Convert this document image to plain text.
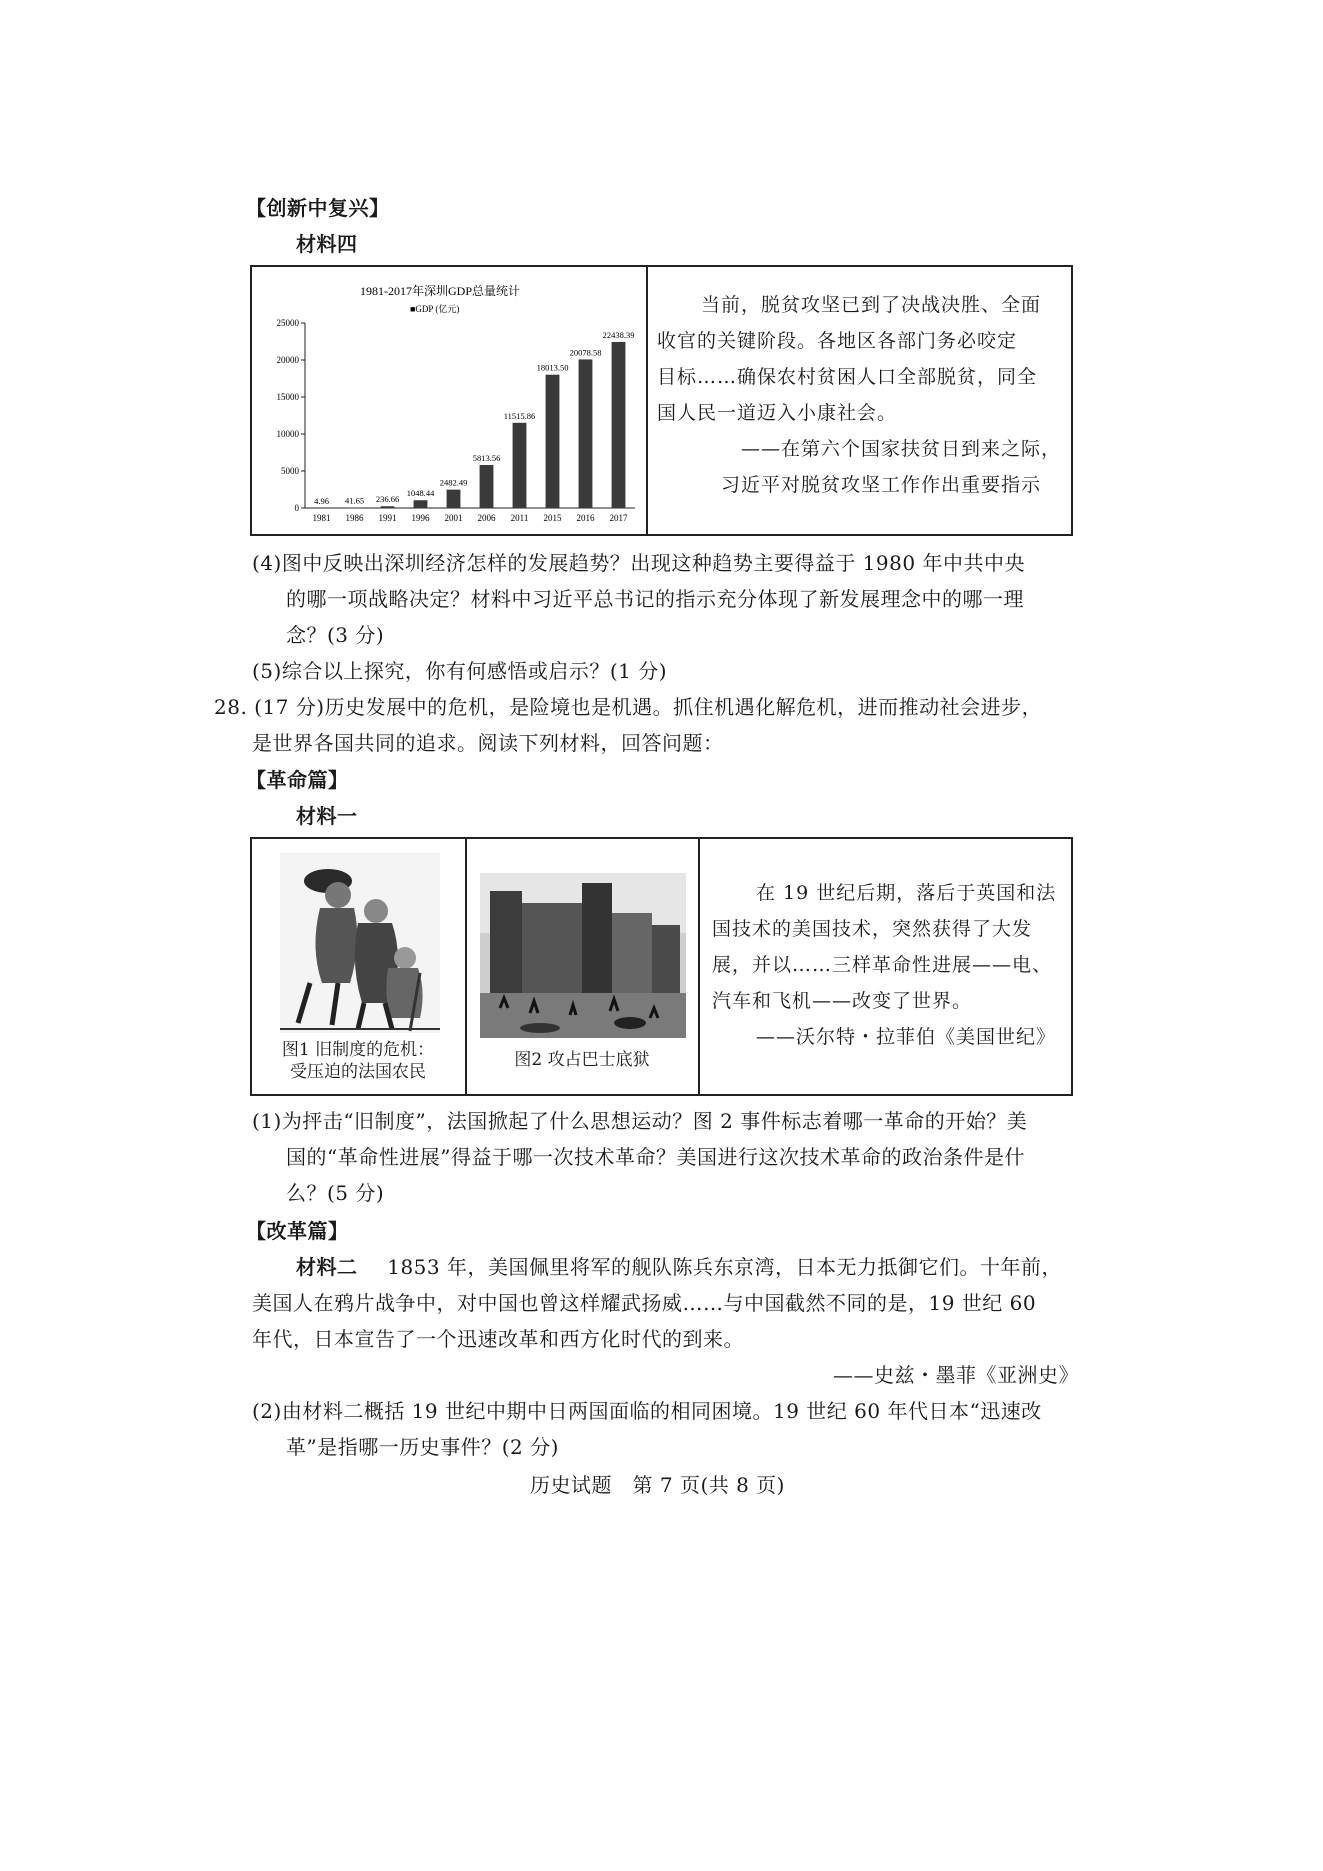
【创新中复兴】
材料四
1981-2017年深圳GDP总量统计
■GDP (亿元)
0
5000
10000
15000
20000
25000
4.96
1981
41.65
1986
236.66
1991
1048.44
1996
2482.49
2001
5813.56
2006
11515.86
2011
18013.50
2015
20078.58
2016
22438.39
2017
当前，脱贫攻坚已到了决战决胜、全面
收官的关键阶段。各地区各部门务必咬定
目标……确保农村贫困人口全部脱贫，同全
国人民一道迈入小康社会。
——在第六个国家扶贫日到来之际，
习近平对脱贫攻坚工作作出重要指示
(4)图中反映出深圳经济怎样的发展趋势？出现这种趋势主要得益于 1980 年中共中央
的哪一项战略决定？材料中习近平总书记的指示充分体现了新发展理念中的哪一理
念？(3 分)
(5)综合以上探究，你有何感悟或启示？(1 分)
28. (17 分)历史发展中的危机，是险境也是机遇。抓住机遇化解危机，进而推动社会进步，
是世界各国共同的追求。阅读下列材料，回答问题：
【革命篇】
材料一
图1 旧制度的危机：
受压迫的法国农民
图2 攻占巴士底狱
在 19 世纪后期，落后于英国和法
国技术的美国技术，突然获得了大发
展，并以……三样革命性进展——电、
汽车和飞机——改变了世界。
——沃尔特・拉菲伯《美国世纪》
(1)为抨击“旧制度”，法国掀起了什么思想运动？图 2 事件标志着哪一革命的开始？美
国的“革命性进展”得益于哪一次技术革命？美国进行这次技术革命的政治条件是什
么？(5 分)
【改革篇】
材料二 1853 年，美国佩里将军的舰队陈兵东京湾，日本无力抵御它们。十年前，
美国人在鸦片战争中，对中国也曾这样耀武扬威……与中国截然不同的是，19 世纪 60
年代，日本宣告了一个迅速改革和西方化时代的到来。
——史兹・墨菲《亚洲史》
(2)由材料二概括 19 世纪中期中日两国面临的相同困境。19 世纪 60 年代日本“迅速改
革”是指哪一历史事件？(2 分)
历史试题　第 7 页(共 8 页)
